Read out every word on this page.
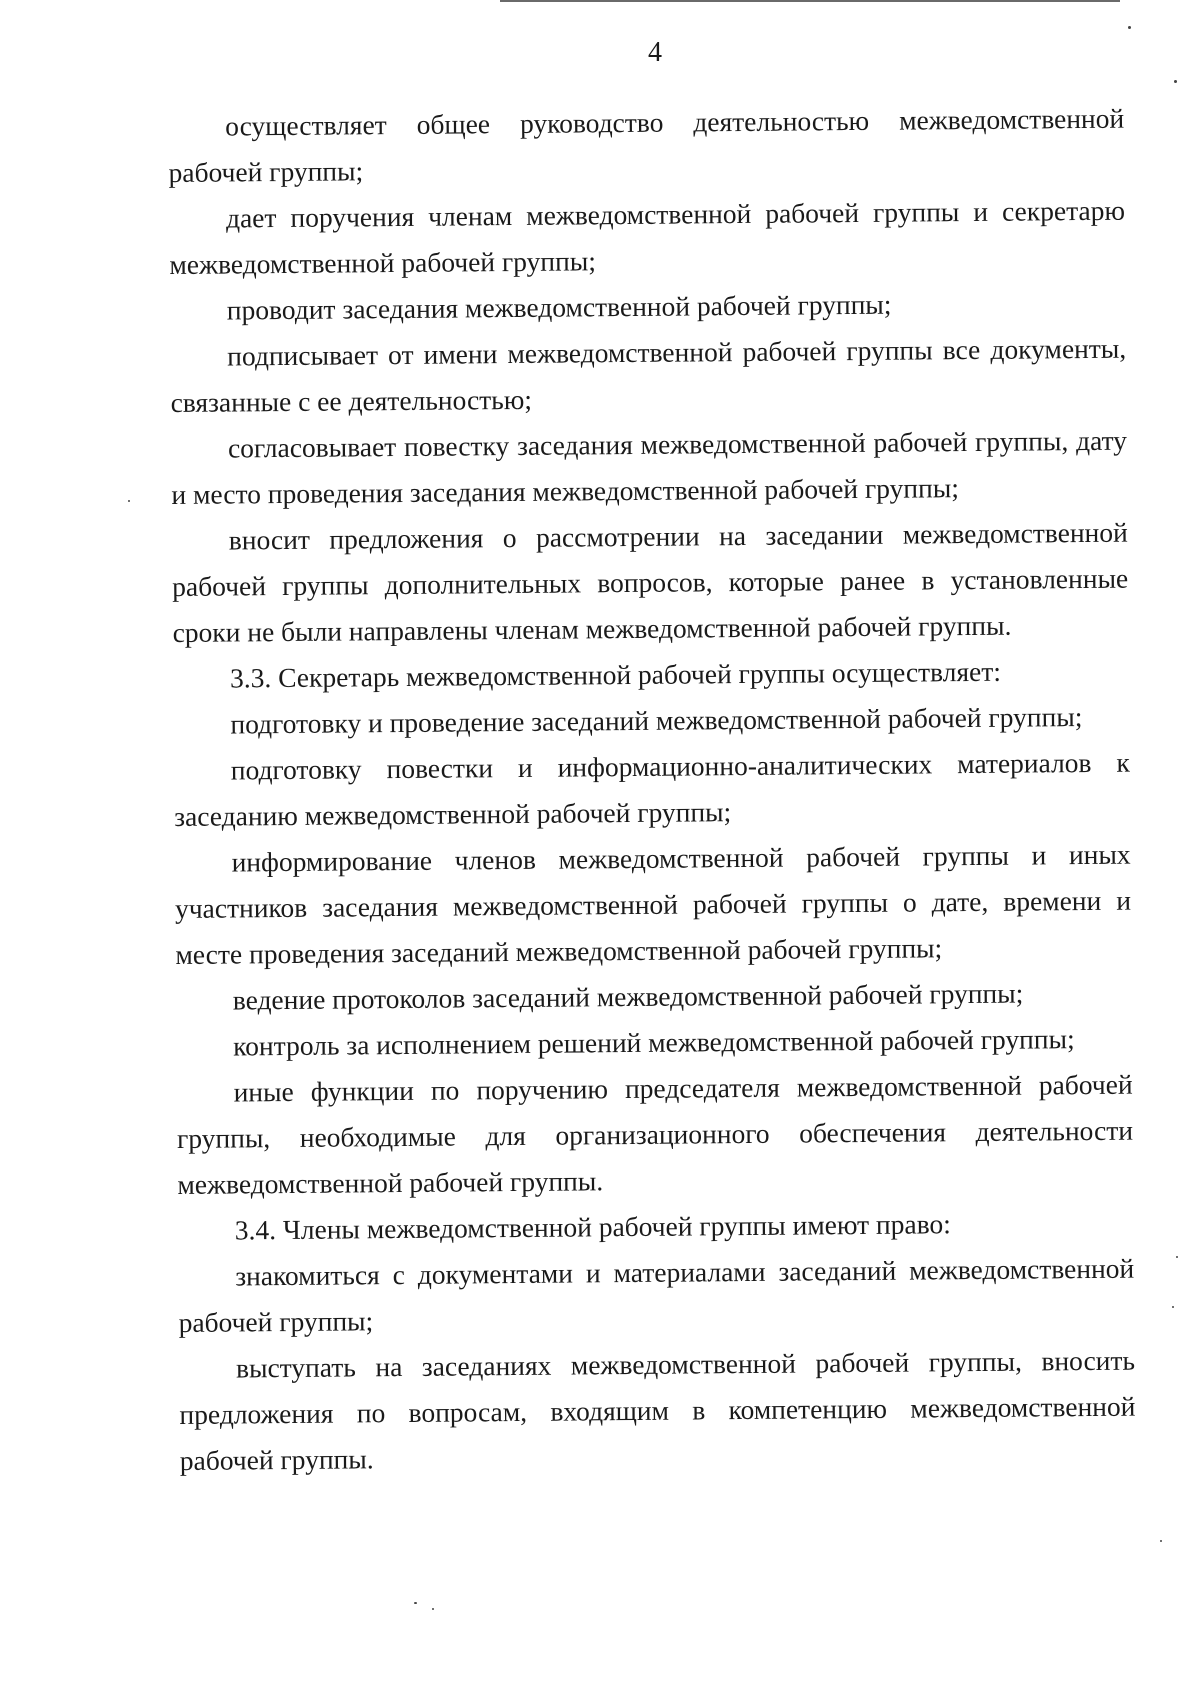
4

осуществляет общее руководство деятельностью межведомственной рабочей группы;

дает поручения членам межведомственной рабочей группы и секретарю межведомственной рабочей группы;

проводит заседания межведомственной рабочей группы;

подписывает от имени межведомственной рабочей группы все документы, связанные с ее деятельностью;

согласовывает повестку заседания межведомственной рабочей группы, дату и место проведения заседания межведомственной рабочей группы;

вносит предложения о рассмотрении на заседании межведомственной рабочей группы дополнительных вопросов, которые ранее в установленные сроки не были направлены членам межведомственной рабочей группы.

3.3. Секретарь межведомственной рабочей группы осуществляет:

подготовку и проведение заседаний межведомственной рабочей группы;

подготовку повестки и информационно-аналитических материалов к заседанию межведомственной рабочей группы;

информирование членов межведомственной рабочей группы и иных участников заседания межведомственной рабочей группы о дате, времени и месте проведения заседаний межведомственной рабочей группы;

ведение протоколов заседаний межведомственной рабочей группы;

контроль за исполнением решений межведомственной рабочей группы;

иные функции по поручению председателя межведомственной рабочей группы, необходимые для организационного обеспечения деятельности межведомственной рабочей группы.

3.4. Члены межведомственной рабочей группы имеют право:

знакомиться с документами и материалами заседаний межведомственной рабочей группы;

выступать на заседаниях межведомственной рабочей группы, вносить предложения по вопросам, входящим в компетенцию межведомственной рабочей группы.
